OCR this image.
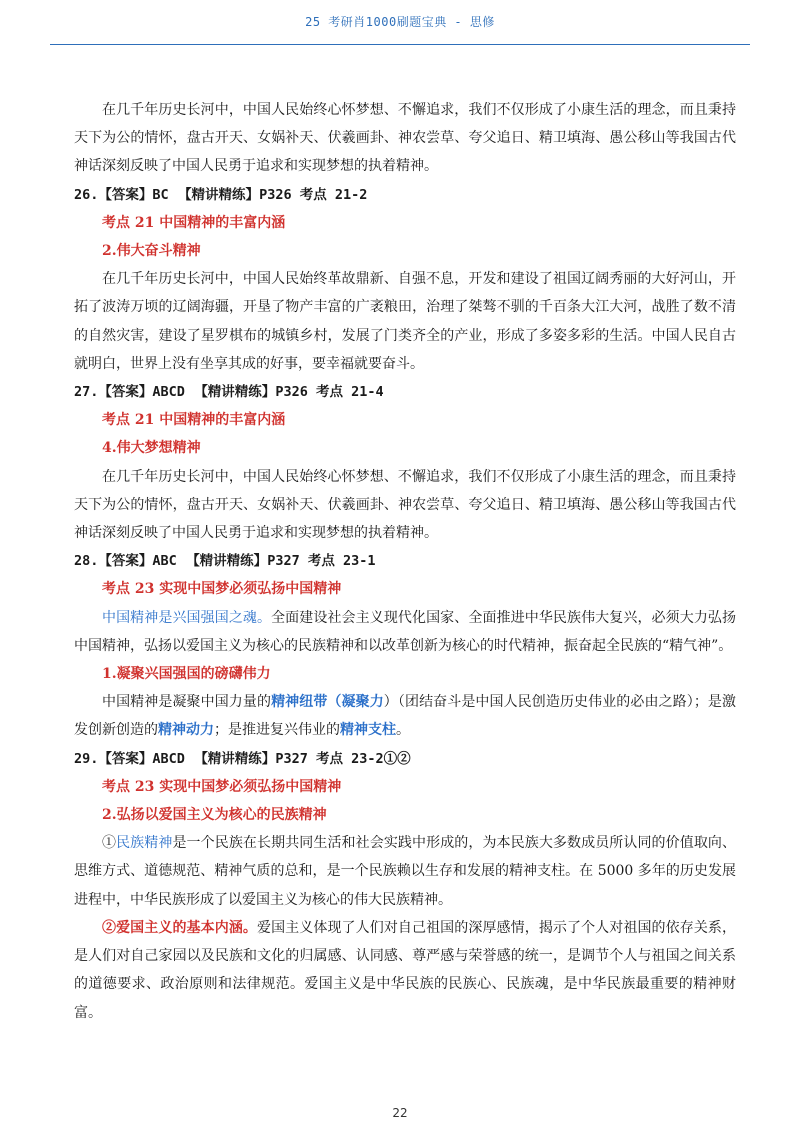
25 考研肖1000刷题宝典 - 思修

在几千年历史长河中，中国人民始终心怀梦想、不懈追求，我们不仅形成了小康生活的理念，而且秉持天下为公的情怀，盘古开天、女娲补天、伏羲画卦、神农尝草、夸父追日、精卫填海、愚公移山等我国古代神话深刻反映了中国人民勇于追求和实现梦想的执着精神。

26.【答案】BC 【精讲精练】P326 考点 21-2

考点 21 中国精神的丰富内涵

2.伟大奋斗精神

在几千年历史长河中，中国人民始终革故鼎新、自强不息，开发和建设了祖国辽阔秀丽的大好河山，开拓了波涛万顷的辽阔海疆，开垦了物产丰富的广袤粮田，治理了桀骜不驯的千百条大江大河，战胜了数不清的自然灾害，建设了星罗棋布的城镇乡村，发展了门类齐全的产业，形成了多姿多彩的生活。中国人民自古就明白，世界上没有坐享其成的好事，要幸福就要奋斗。

27.【答案】ABCD 【精讲精练】P326 考点 21-4

考点 21 中国精神的丰富内涵

4.伟大梦想精神

在几千年历史长河中，中国人民始终心怀梦想、不懈追求，我们不仅形成了小康生活的理念，而且秉持天下为公的情怀，盘古开天、女娲补天、伏羲画卦、神农尝草、夸父追日、精卫填海、愚公移山等我国古代神话深刻反映了中国人民勇于追求和实现梦想的执着精神。

28.【答案】ABC 【精讲精练】P327 考点 23-1

考点 23 实现中国梦必须弘扬中国精神

中国精神是兴国强国之魂。全面建设社会主义现代化国家、全面推进中华民族伟大复兴，必须大力弘扬中国精神，弘扬以爱国主义为核心的民族精神和以改革创新为核心的时代精神，振奋起全民族的“精气神”。

1.凝聚兴国强国的磅礴伟力

中国精神是凝聚中国力量的精神纽带（凝聚力）（团结奋斗是中国人民创造历史伟业的必由之路）；是激发创新创造的精神动力；是推进复兴伟业的精神支柱。

29.【答案】ABCD 【精讲精练】P327 考点 23-2①②

考点 23 实现中国梦必须弘扬中国精神

2.弘扬以爱国主义为核心的民族精神

①民族精神是一个民族在长期共同生活和社会实践中形成的，为本民族大多数成员所认同的价值取向、思维方式、道德规范、精神气质的总和，是一个民族赖以生存和发展的精神支柱。在 5000 多年的历史发展进程中，中华民族形成了以爱国主义为核心的伟大民族精神。

②爱国主义的基本内涵。爱国主义体现了人们对自己祖国的深厚感情，揭示了个人对祖国的依存关系，是人们对自己家园以及民族和文化的归属感、认同感、尊严感与荣誉感的统一，是调节个人与祖国之间关系的道德要求、政治原则和法律规范。爱国主义是中华民族的民族心、民族魂，是中华民族最重要的精神财富。

22
